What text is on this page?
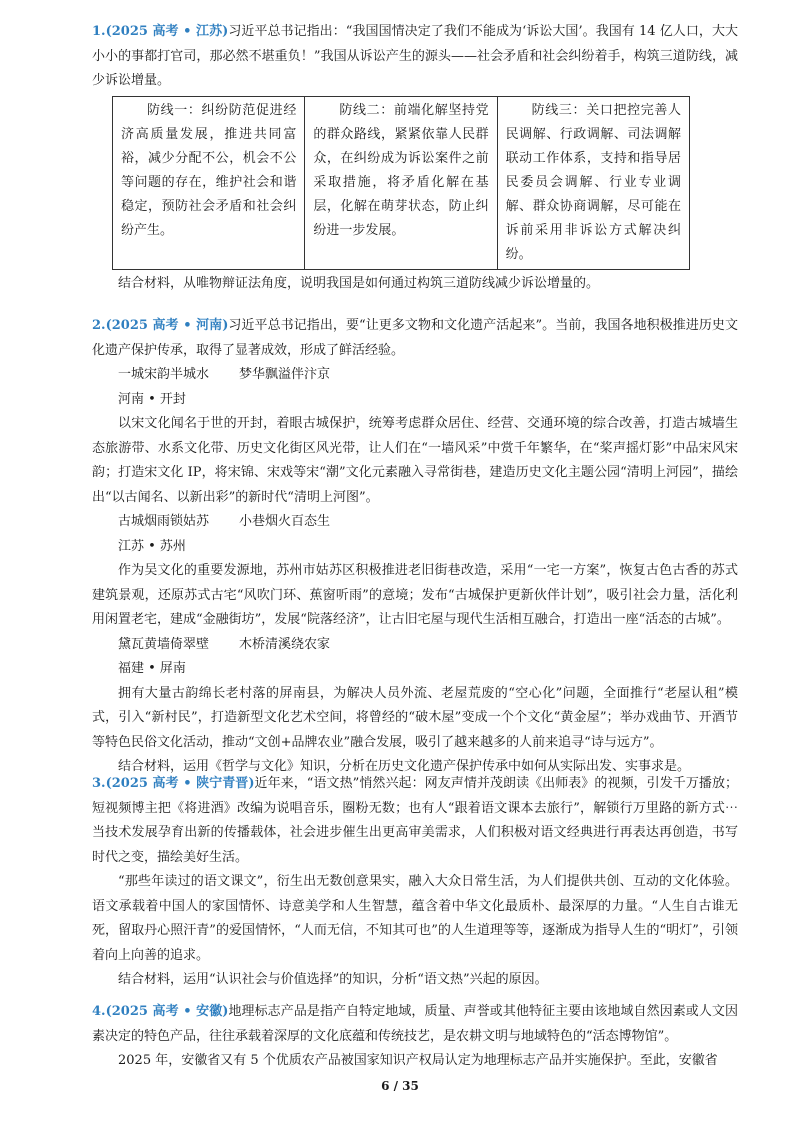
1.(2025 高考 • 江苏)习近平总书记指出：“我国国情决定了我们不能成为‘诉讼大国’。我国有 14 亿人口，大大小小的事都打官司，那必然不堪重负！”我国从诉讼产生的源头——社会矛盾和社会纠纷着手，构筑三道防线，减少诉讼增量。

防线一：纠纷防范促进经济高质量发展，推进共同富裕，减少分配不公，机会不公等问题的存在，维护社会和谐稳定，预防社会矛盾和社会纠纷产生。	防线二：前端化解坚持党的群众路线，紧紧依靠人民群众，在纠纷成为诉讼案件之前采取措施，将矛盾化解在基层，化解在萌芽状态，防止纠纷进一步发展。	防线三：关口把控完善人民调解、行政调解、司法调解联动工作体系，支持和指导居民委员会调解、行业专业调解、群众协商调解，尽可能在诉前采用非诉讼方式解决纠纷。

结合材料，从唯物辩证法角度，说明我国是如何通过构筑三道防线减少诉讼增量的。

2.(2025 高考 • 河南)习近平总书记指出，要“让更多文物和文化遗产活起来”。当前，我国各地积极推进历史文化遗产保护传承，取得了显著成效，形成了鲜活经验。

一城宋韵半城水 梦华飘溢伴汴京

河南 • 开封

以宋文化闻名于世的开封，着眼古城保护，统筹考虑群众居住、经营、交通环境的综合改善，打造古城墙生态旅游带、水系文化带、历史文化街区风光带，让人们在“一墙风采”中赏千年繁华，在“桨声摇灯影”中品宋风宋韵；打造宋文化 IP，将宋锦、宋戏等宋“潮”文化元素融入寻常街巷，建造历史文化主题公园“清明上河园”，描绘出“以古闻名、以新出彩”的新时代“清明上河图”。

古城烟雨锁姑苏 小巷烟火百态生

江苏 • 苏州

作为吴文化的重要发源地，苏州市姑苏区积极推进老旧街巷改造，采用“一宅一方案”，恢复古色古香的苏式建筑景观，还原苏式古宅“风吹门环、蕉窗听雨”的意境；发布“古城保护更新伙伴计划”，吸引社会力量，活化利用闲置老宅，建成“金融街坊”，发展“院落经济”，让古旧宅屋与现代生活相互融合，打造出一座“活态的古城”。

黛瓦黄墙倚翠壁 木桥清溪绕农家

福建 • 屏南

拥有大量古韵绵长老村落的屏南县，为解决人员外流、老屋荒废的“空心化”问题，全面推行“老屋认租”模式，引入“新村民”，打造新型文化艺术空间，将曾经的“破木屋”变成一个个文化“黄金屋”；举办戏曲节、开酒节等特色民俗文化活动，推动“文创+品牌农业”融合发展，吸引了越来越多的人前来追寻“诗与远方”。

结合材料，运用《哲学与文化》知识，分析在历史文化遗产保护传承中如何从实际出发、实事求是。

3.(2025 高考 • 陕宁青晋)近年来，“语文热”悄然兴起：网友声情并茂朗读《出师表》的视频，引发千万播放；短视频博主把《将进酒》改编为说唱音乐，圈粉无数；也有人“跟着语文课本去旅行”，解锁行万里路的新方式⋯当技术发展孕育出新的传播载体，社会进步催生出更高审美需求，人们积极对语文经典进行再表达再创造，书写时代之变，描绘美好生活。

“那些年读过的语文课文”，衍生出无数创意果实，融入大众日常生活，为人们提供共创、互动的文化体验。语文承载着中国人的家国情怀、诗意美学和人生智慧，蕴含着中华文化最质朴、最深厚的力量。“人生自古谁无死，留取丹心照汗青”的爱国情怀，“人而无信，不知其可也”的人生道理等等，逐渐成为指导人生的“明灯”，引领着向上向善的追求。

结合材料，运用“认识社会与价值选择”的知识，分析“语文热”兴起的原因。

4.(2025 高考 • 安徽)地理标志产品是指产自特定地域，质量、声誉或其他特征主要由该地域自然因素或人文因素决定的特色产品，往往承载着深厚的文化底蕴和传统技艺，是农耕文明与地域特色的“活态博物馆”。

2025 年，安徽省又有 5 个优质农产品被国家知识产权局认定为地理标志产品并实施保护。至此，安徽省

6 / 35
